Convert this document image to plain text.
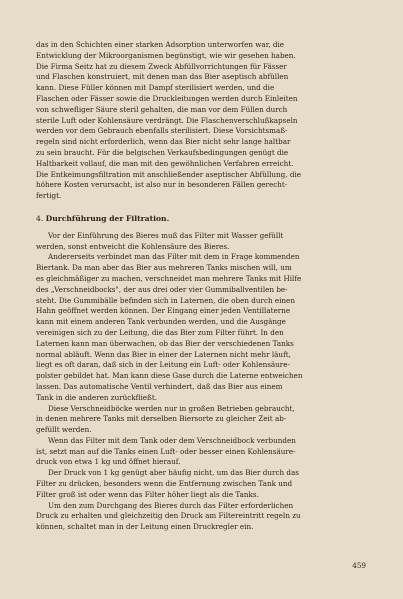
das in den Schichten einer starken Adsorption unterworfen war, die
Entwicklung der Mikroorganismen begünstigt, wie wir gesehen haben.
Die Firma Seitz hat zu diesem Zweck Abfüllvorrichtungen für Fässer
und Flaschen konstruiert, mit denen man das Bier aseptisch abfüllen
kann. Diese Füller können mit Dampf sterilisiert werden, und die
Flaschen oder Fässer sowie die Druckleitungen werden durch Einleiten
von schwefliger Säure steril gehalten, die man vor dem Füllen durch
sterile Luft oder Kohlensäure verdrängt. Die Flaschenverschlußkapseln
werden vor dem Gebrauch ebenfalls sterilisiert. Diese Vorsichtsmaß-
regeln sind nicht erforderlich, wenn das Bier nicht sehr lange haltbar
zu sein braucht. Für die belgischen Verkaufsbedingungen genügt die
Haltbarkeit vollauf, die man mit den gewöhnlichen Verfahren erreicht.
Die Entkeimungsfiltration mit anschließender aseptischer Abfüllung, die
höhere Kosten verursacht, ist also nur in besonderen Fällen gerecht-
fertigt.
4. Durchführung der Filtration.
Vor der Einführung des Bieres muß das Filter mit Wasser gefüllt
werden, sonst entweicht die Kohlensäure des Bieres.
Andererseits verbindet man das Filter mit dem in Frage kommenden
Biertank. Da man aber das Bier aus mehreren Tanks mischen will, um
es gleichmäßiger zu machen, verschneidet man mehrere Tanks mit Hilfe
des „Verschneidbocks", der aus drei oder vier Gummiballventilen be-
steht. Die Gummibälle befinden sich in Laternen, die oben durch einen
Hahn geöffnet werden können. Der Eingang einer jeden Ventillaterne
kann mit einem anderen Tank verbunden werden, und die Ausgänge
vereinigen sich zu der Leitung, die das Bier zum Filter führt. In den
Laternen kann man überwachen, ob das Bier der verschiedenen Tanks
normal abläuft. Wenn das Bier in einer der Laternen nicht mehr läuft,
liegt es oft daran, daß sich in der Leitung ein Luft- oder Kohlensäure-
polster gebildet hat. Man kann diese Gase durch die Laterne entweichen
lassen. Das automatische Ventil verhindert, daß das Bier aus einem
Tank in die anderen zurückfließt.
Diese Verschneidböcke werden nur in großen Betrieben gebraucht,
in denen mehrere Tanks mit derselben Biersorte zu gleicher Zeit ab-
gefüllt werden.
Wenn das Filter mit dem Tank oder dem Verschneidbock verbunden
ist, setzt man auf die Tanks einen Luft- oder besser einen Kohlensäure-
druck von etwa 1 kg und öffnet hierauf.
Der Druck von 1 kg genügt aber häufig nicht, um das Bier durch das
Filter zu drücken, besonders wenn die Entfernung zwischen Tank und
Filter groß ist oder wenn das Filter höher liegt als die Tanks.
Um den zum Durchgang des Bieres durch das Filter erforderlichen
Druck zu erhalten und gleichzeitig den Druck am Filtereintritt regeln zu
können, schaltet man in der Leitung einen Druckregler ein.
459
